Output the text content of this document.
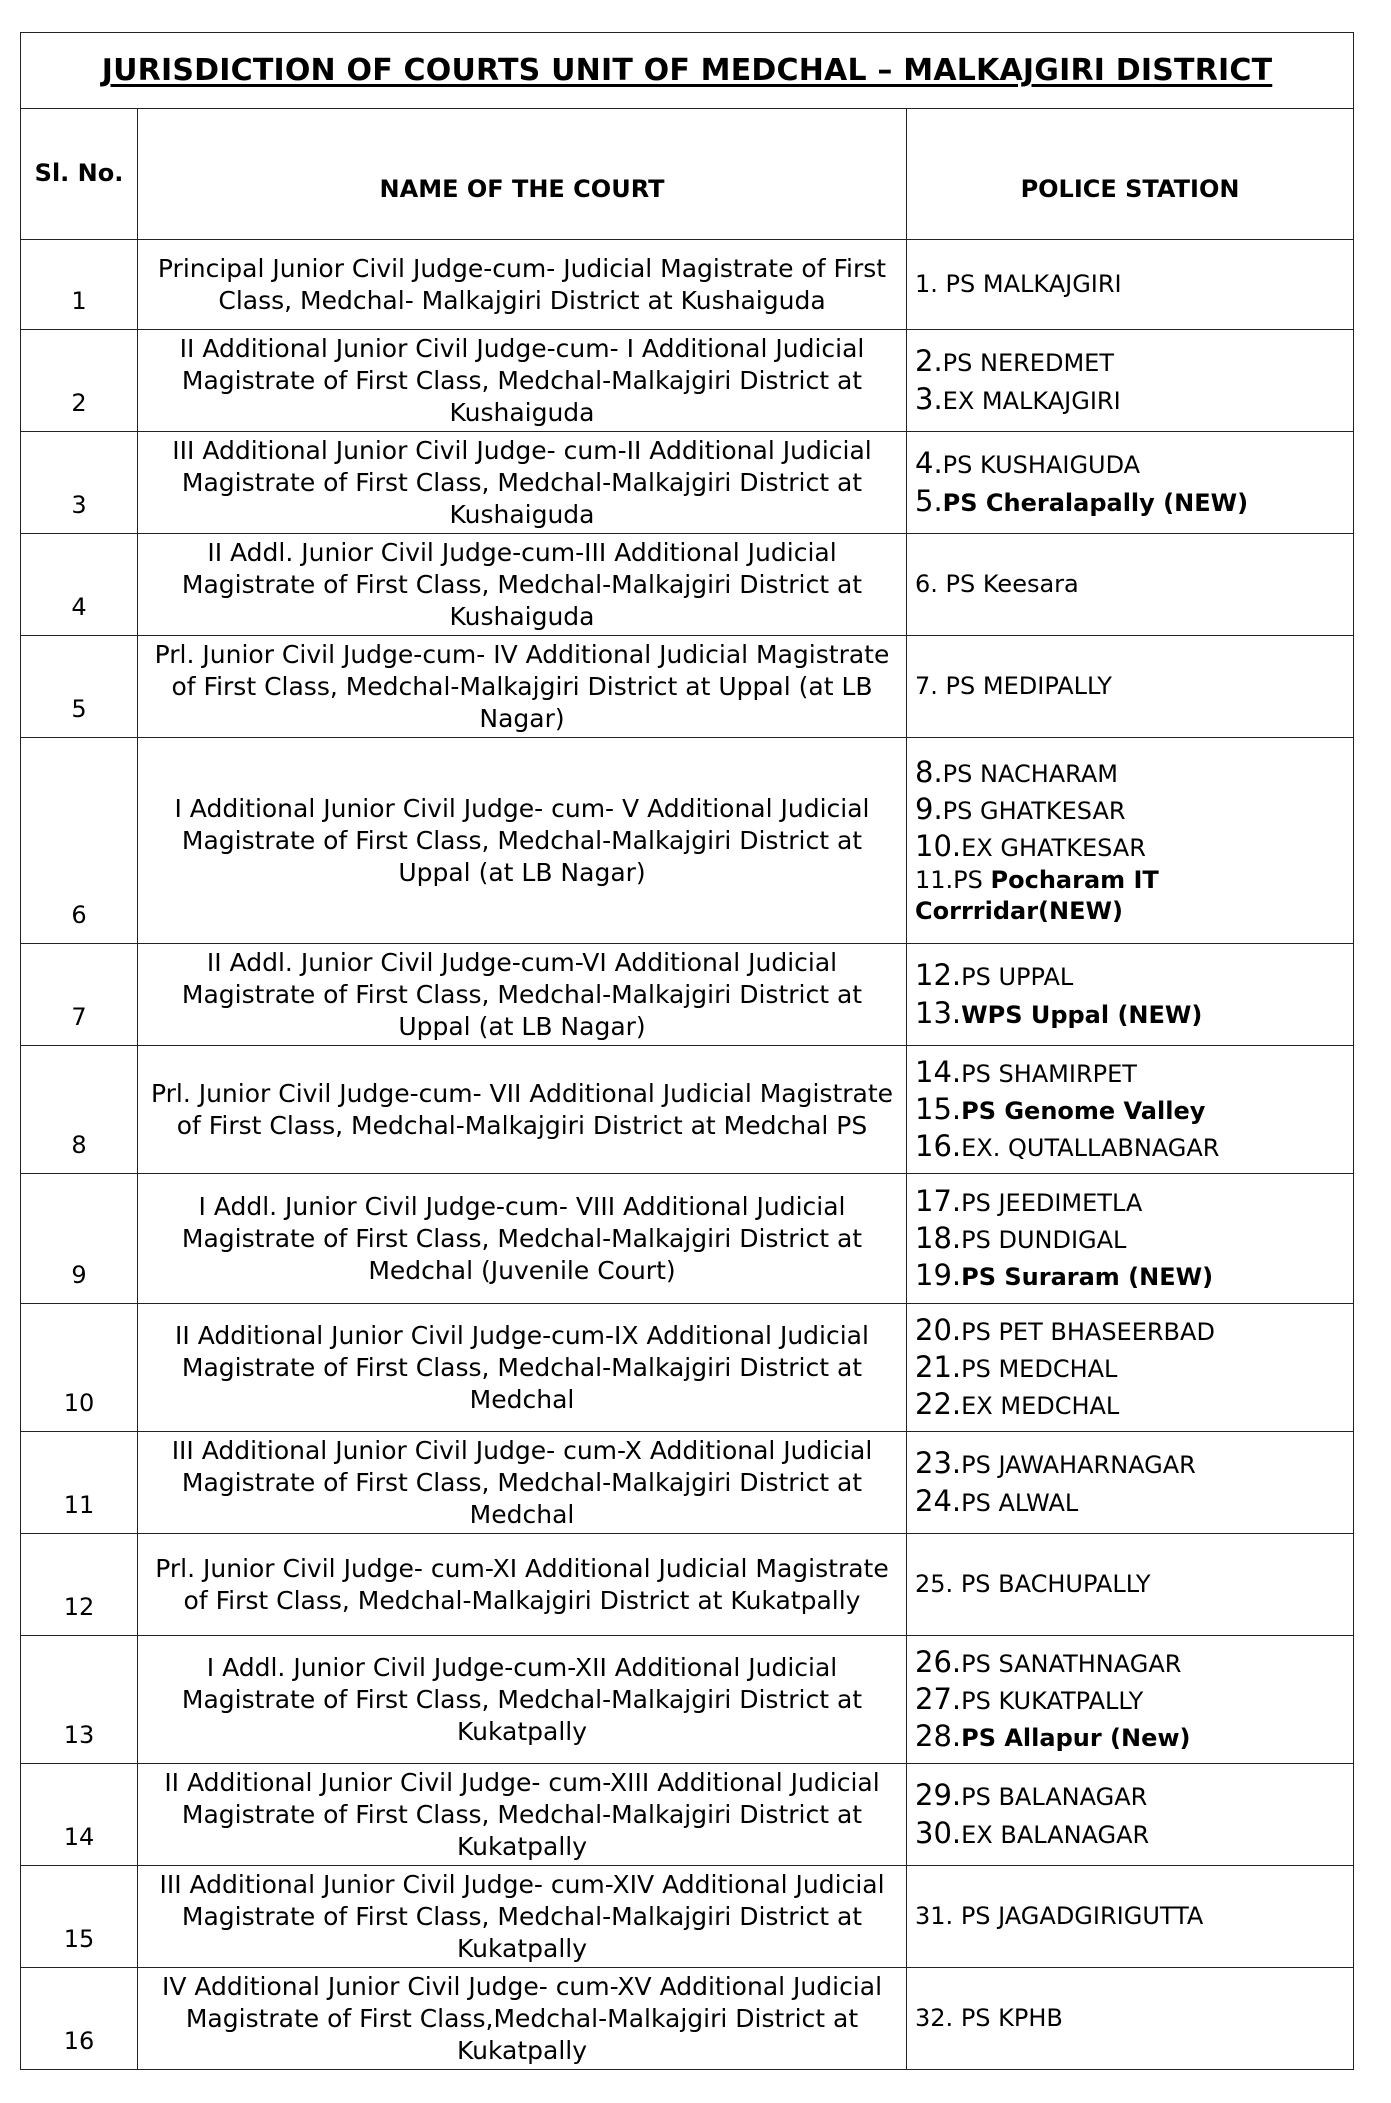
JURISDICTION OF COURTS UNIT OF MEDCHAL – MALKAJGIRI DISTRICT		
Sl. No.	NAME OF THE COURT	POLICE STATION
1	Principal Junior Civil Judge-cum- Judicial Magistrate of First Class, Medchal- Malkajgiri District at Kushaiguda	1. PS MALKAJGIRI

2	II Additional Junior Civil Judge-cum- I Additional Judicial Magistrate of First Class, Medchal-Malkajgiri District at Kushaiguda	2.PS NEREDMET
3.EX MALKAJGIRI

3	III Additional Junior Civil Judge- cum-II Additional Judicial Magistrate of First Class, Medchal-Malkajgiri District at Kushaiguda	4.PS KUSHAIGUDA
5.PS Cheralapally (NEW)

4	II Addl. Junior Civil Judge-cum-III Additional Judicial Magistrate of First Class, Medchal-Malkajgiri District at Kushaiguda	6. PS Keesara

5	Prl. Junior Civil Judge-cum- IV Additional Judicial Magistrate of First Class, Medchal-Malkajgiri District at Uppal (at LB Nagar)	7. PS MEDIPALLY

6	I Additional Junior Civil Judge- cum- V Additional Judicial Magistrate of First Class, Medchal-Malkajgiri District at Uppal (at LB Nagar)	8.PS NACHARAM
9.PS GHATKESAR
10.EX GHATKESAR
11.PS Pocharam IT Corrridar(NEW)

7	II Addl. Junior Civil Judge-cum-VI Additional Judicial Magistrate of First Class, Medchal-Malkajgiri District at Uppal (at LB Nagar)	12.PS UPPAL
13.WPS Uppal (NEW)

8	Prl. Junior Civil Judge-cum- VII Additional Judicial Magistrate of First Class, Medchal-Malkajgiri District at Medchal PS	14.PS SHAMIRPET
15.PS Genome Valley
16.EX. QUTALLABNAGAR

9	I Addl. Junior Civil Judge-cum- VIII Additional Judicial Magistrate of First Class, Medchal-Malkajgiri District at Medchal (Juvenile Court)	17.PS JEEDIMETLA
18.PS DUNDIGAL
19.PS Suraram (NEW)

10	II Additional Junior Civil Judge-cum-IX Additional Judicial Magistrate of First Class, Medchal-Malkajgiri District at Medchal	20.PS PET BHASEERBAD
21.PS MEDCHAL
22.EX MEDCHAL

11	III Additional Junior Civil Judge- cum-X Additional Judicial Magistrate of First Class, Medchal-Malkajgiri District at Medchal	23.PS JAWAHARNAGAR
24.PS ALWAL

12	Prl. Junior Civil Judge- cum-XI Additional Judicial Magistrate of First Class, Medchal-Malkajgiri District at Kukatpally	25. PS BACHUPALLY

13	I Addl. Junior Civil Judge-cum-XII Additional Judicial Magistrate of First Class, Medchal-Malkajgiri District at Kukatpally	26.PS SANATHNAGAR
27.PS KUKATPALLY
28.PS Allapur (New)

14	II Additional Junior Civil Judge- cum-XIII Additional Judicial Magistrate of First Class, Medchal-Malkajgiri District at Kukatpally	29.PS BALANAGAR
30.EX BALANAGAR

15	III Additional Junior Civil Judge- cum-XIV Additional Judicial Magistrate of First Class, Medchal-Malkajgiri District at Kukatpally	31. PS JAGADGIRIGUTTA

16	IV Additional Junior Civil Judge- cum-XV Additional Judicial Magistrate of First Class,Medchal-Malkajgiri District at Kukatpally	32. PS KPHB
